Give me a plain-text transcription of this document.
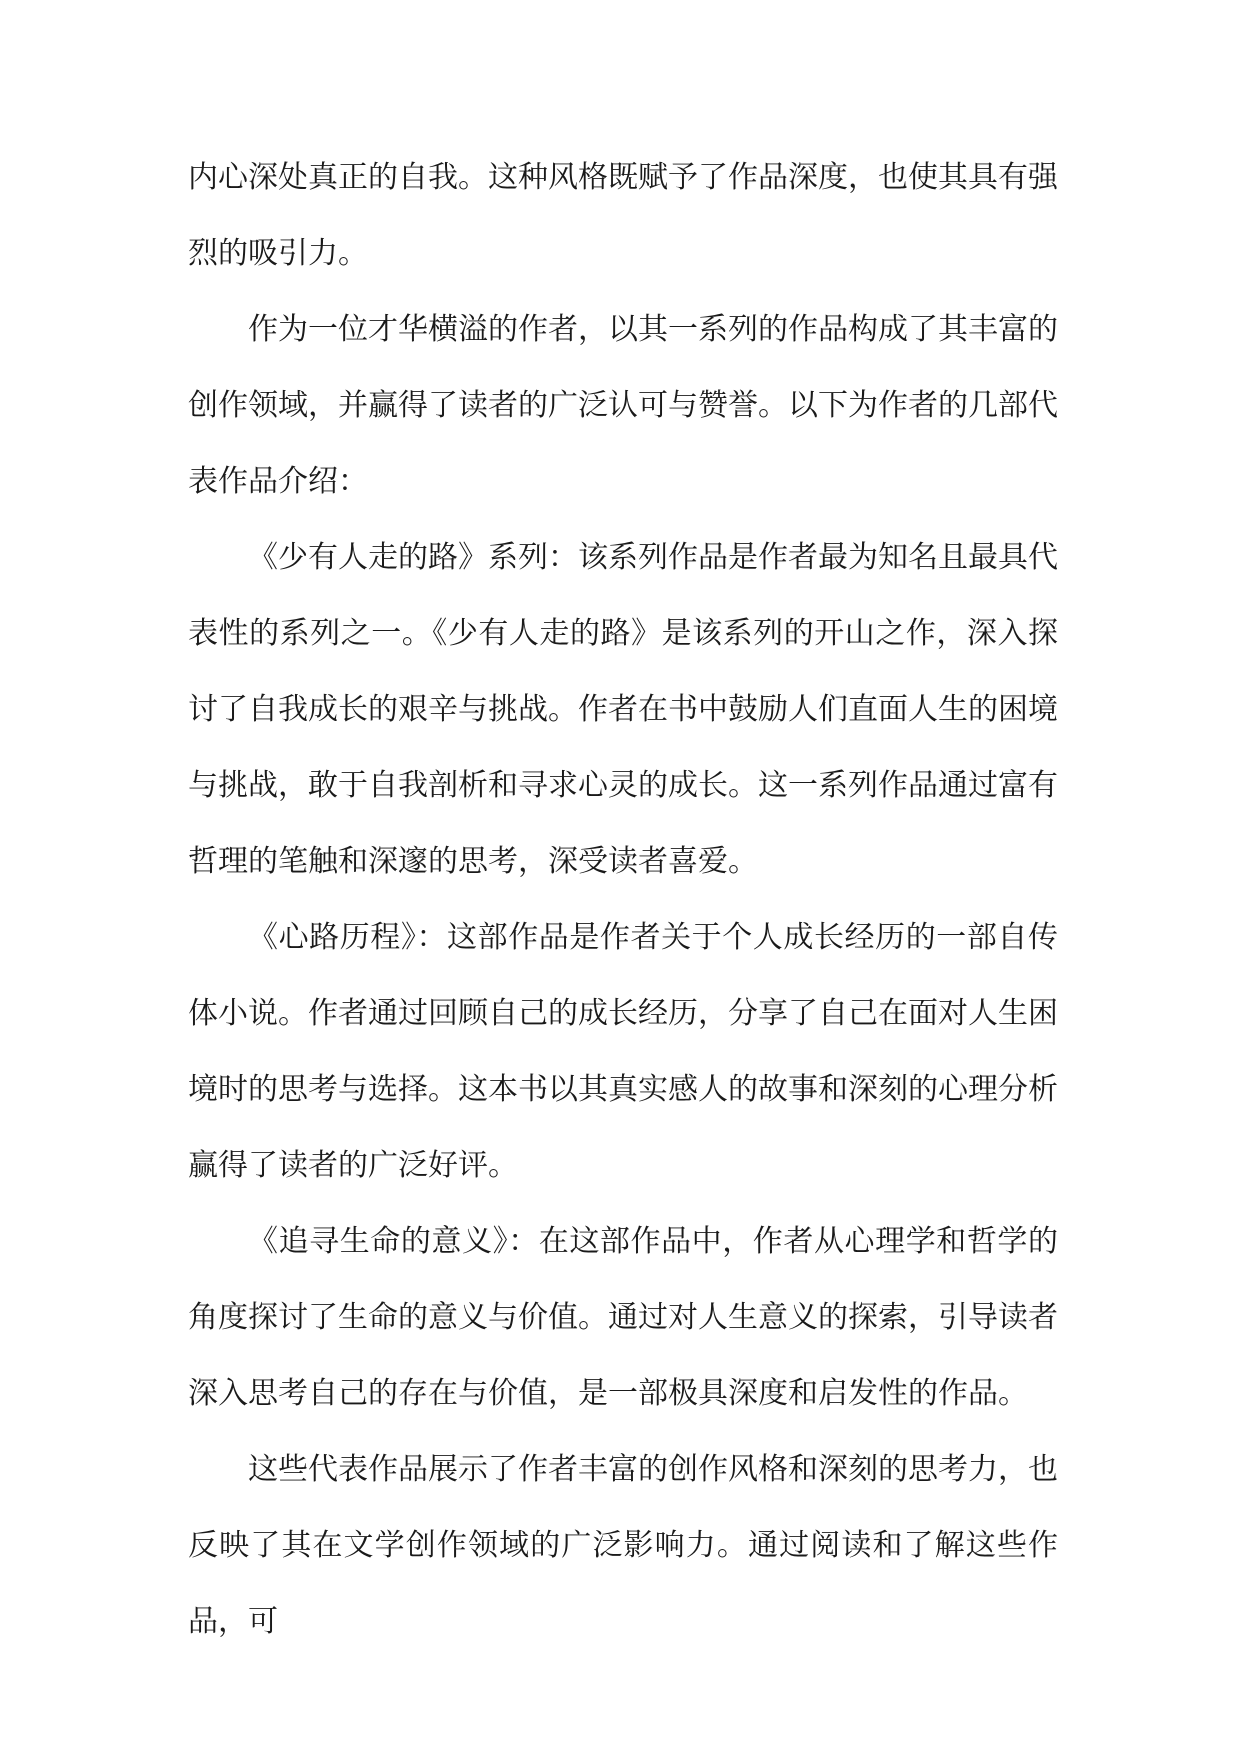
内心深处真正的自我。这种风格既赋予了作品深度，也使其具有强烈的吸引力。

作为一位才华横溢的作者，以其一系列的作品构成了其丰富的创作领域，并赢得了读者的广泛认可与赞誉。以下为作者的几部代表作品介绍：

《少有人走的路》系列：该系列作品是作者最为知名且最具代表性的系列之一。《少有人走的路》是该系列的开山之作，深入探讨了自我成长的艰辛与挑战。作者在书中鼓励人们直面人生的困境与挑战，敢于自我剖析和寻求心灵的成长。这一系列作品通过富有哲理的笔触和深邃的思考，深受读者喜爱。

《心路历程》：这部作品是作者关于个人成长经历的一部自传体小说。作者通过回顾自己的成长经历，分享了自己在面对人生困境时的思考与选择。这本书以其真实感人的故事和深刻的心理分析赢得了读者的广泛好评。

《追寻生命的意义》：在这部作品中，作者从心理学和哲学的角度探讨了生命的意义与价值。通过对人生意义的探索，引导读者深入思考自己的存在与价值，是一部极具深度和启发性的作品。

这些代表作品展示了作者丰富的创作风格和深刻的思考力，也反映了其在文学创作领域的广泛影响力。通过阅读和了解这些作品，可
